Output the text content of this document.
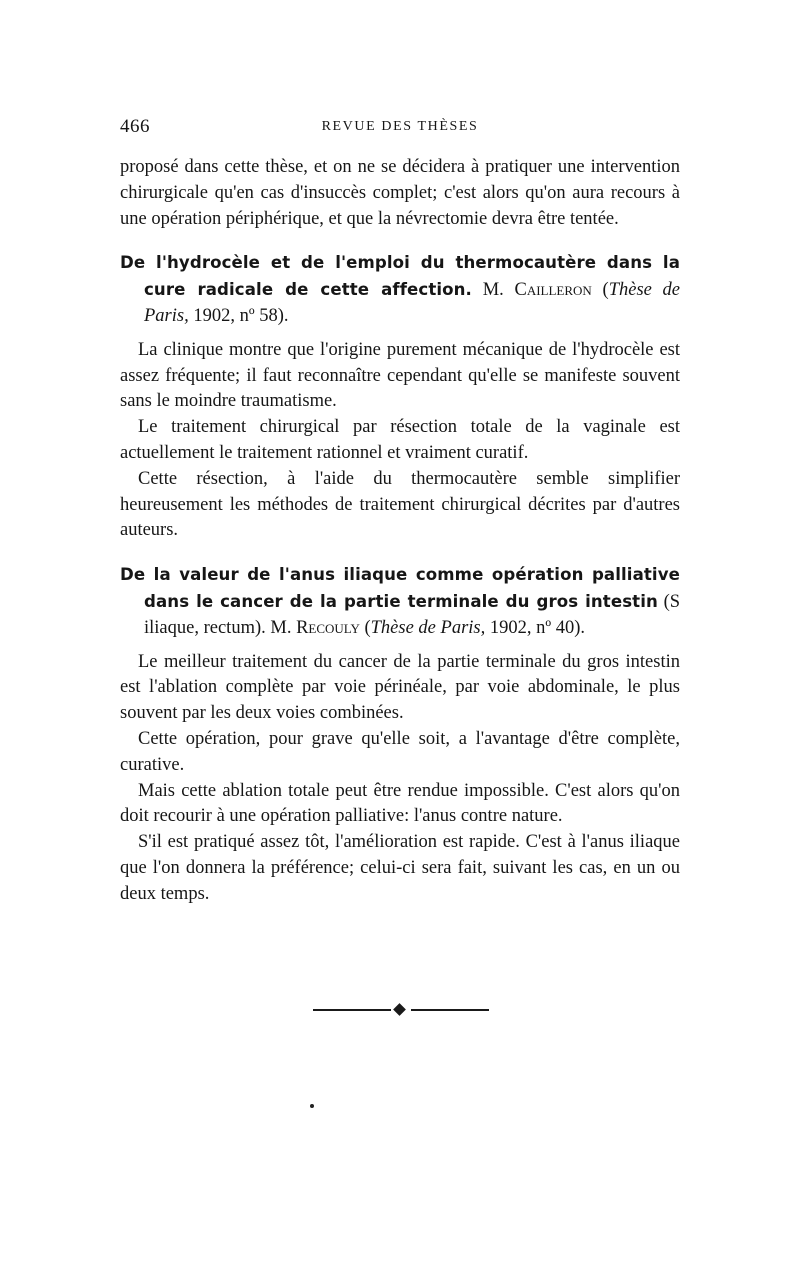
466	REVUE DES THÈSES

proposé dans cette thèse, et on ne se décidera à pratiquer une intervention chirurgicale qu'en cas d'insuccès complet; c'est alors qu'on aura recours à une opération périphérique, et que la névrectomie devra être tentée.

De l'hydrocèle et de l'emploi du thermocautère dans la cure radicale de cette affection. M. Cailleron (Thèse de Paris, 1902, nº 58).

La clinique montre que l'origine purement mécanique de l'hydrocèle est assez fréquente; il faut reconnaître cependant qu'elle se manifeste souvent sans le moindre traumatisme.

Le traitement chirurgical par résection totale de la vaginale est actuellement le traitement rationnel et vraiment curatif.

Cette résection, à l'aide du thermocautère semble simplifier heureusement les méthodes de traitement chirurgical décrites par d'autres auteurs.

De la valeur de l'anus iliaque comme opération palliative dans le cancer de la partie terminale du gros intestin (S iliaque, rectum). M. Recouly (Thèse de Paris, 1902, nº 40).

Le meilleur traitement du cancer de la partie terminale du gros intestin est l'ablation complète par voie périnéale, par voie abdominale, le plus souvent par les deux voies combinées.

Cette opération, pour grave qu'elle soit, a l'avantage d'être complète, curative.

Mais cette ablation totale peut être rendue impossible. C'est alors qu'on doit recourir à une opération palliative: l'anus contre nature.

S'il est pratiqué assez tôt, l'amélioration est rapide. C'est à l'anus iliaque que l'on donnera la préférence; celui-ci sera fait, suivant les cas, en un ou deux temps.
